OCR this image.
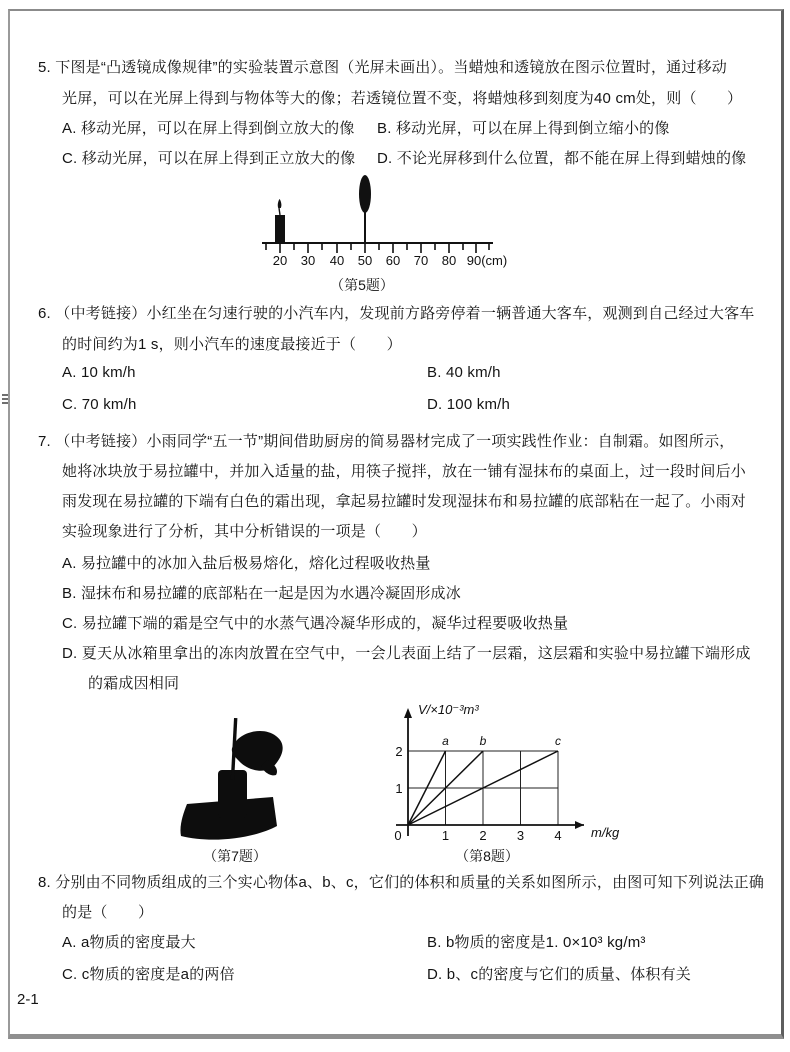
5. 下图是“凸透镜成像规律”的实验装置示意图（光屏未画出）。当蜡烛和透镜放在图示位置时，通过移动
光屏，可以在光屏上得到与物体等大的像；若透镜位置不变，将蜡烛移到刻度为40 cm处，则（　　）
A. 移动光屏，可以在屏上得到倒立放大的像 B. 移动光屏，可以在屏上得到倒立缩小的像
C. 移动光屏，可以在屏上得到正立放大的像 D. 不论光屏移到什么位置，都不能在屏上得到蜡烛的像
20 30 40 50 60 70 80 90(cm)
（第5题）
6. （中考链接）小红坐在匀速行驶的小汽车内，发现前方路旁停着一辆普通大客车，观测到自己经过大客车
的时间约为1 s，则小汽车的速度最接近于（　　）
A. 10 km/h	B. 40 km/h
C. 70 km/h	D. 100 km/h
7. （中考链接）小雨同学“五一节”期间借助厨房的简易器材完成了一项实践性作业：自制霜。如图所示，
她将冰块放于易拉罐中，并加入适量的盐，用筷子搅拌，放在一铺有湿抹布的桌面上，过一段时间后小
雨发现在易拉罐的下端有白色的霜出现，拿起易拉罐时发现湿抹布和易拉罐的底部粘在一起了。小雨对
实验现象进行了分析，其中分析错误的一项是（　　）
A. 易拉罐中的冰加入盐后极易熔化，熔化过程吸收热量
B. 湿抹布和易拉罐的底部粘在一起是因为水遇冷凝固形成冰
C. 易拉罐下端的霜是空气中的水蒸气遇冷凝华形成的，凝华过程要吸收热量
D. 夏天从冰箱里拿出的冻肉放置在空气中，一会儿表面上结了一层霜，这层霜和实验中易拉罐下端形成
的霜成因相同
（第7题）
V/×10⁻³m³
m/kg
0	1 2 3 4
1
2
a	b	c
（第8题）
8. 分别由不同物质组成的三个实心物体a、b、c，它们的体积和质量的关系如图所示，由图可知下列说法正确
的是（　　）
A. a物质的密度最大	B. b物质的密度是1. 0×10³ kg/m³
C. c物质的密度是a的两倍	D. b、c的密度与它们的质量、体积有关
2-1
